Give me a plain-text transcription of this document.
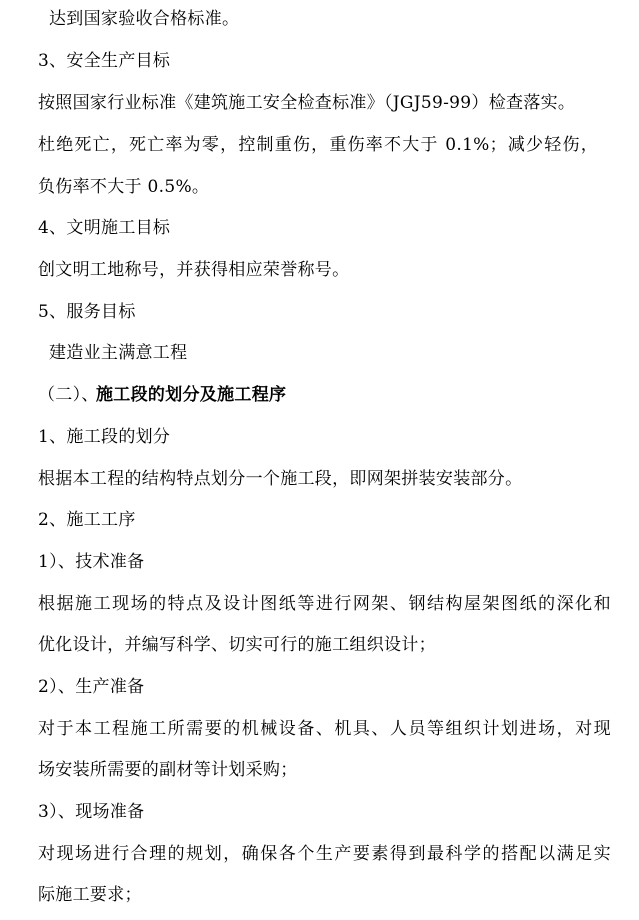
达到国家验收合格标准。
3、安全生产目标
按照国家行业标准《建筑施工安全检查标准》（JGJ59-99）检查落实。
杜绝死亡，死亡率为零，控制重伤，重伤率不大于 0.1%；减少轻伤，
负伤率不大于 0.5%。
4、文明施工目标
创文明工地称号，并获得相应荣誉称号。
5、服务目标
建造业主满意工程
（二）、
施工段的划分及施工程序
1、施工段的划分
根据本工程的结构特点划分一个施工段，即网架拼装安装部分。
2、施工工序
1）、技术准备
根据施工现场的特点及设计图纸等进行网架、钢结构屋架图纸的深化和
优化设计，并编写科学、切实可行的施工组织设计；
2）、生产准备
对于本工程施工所需要的机械设备、机具、人员等组织计划进场，对现
场安装所需要的副材等计划采购；
3）、现场准备
对现场进行合理的规划，确保各个生产要素得到最科学的搭配以满足实
际施工要求；
